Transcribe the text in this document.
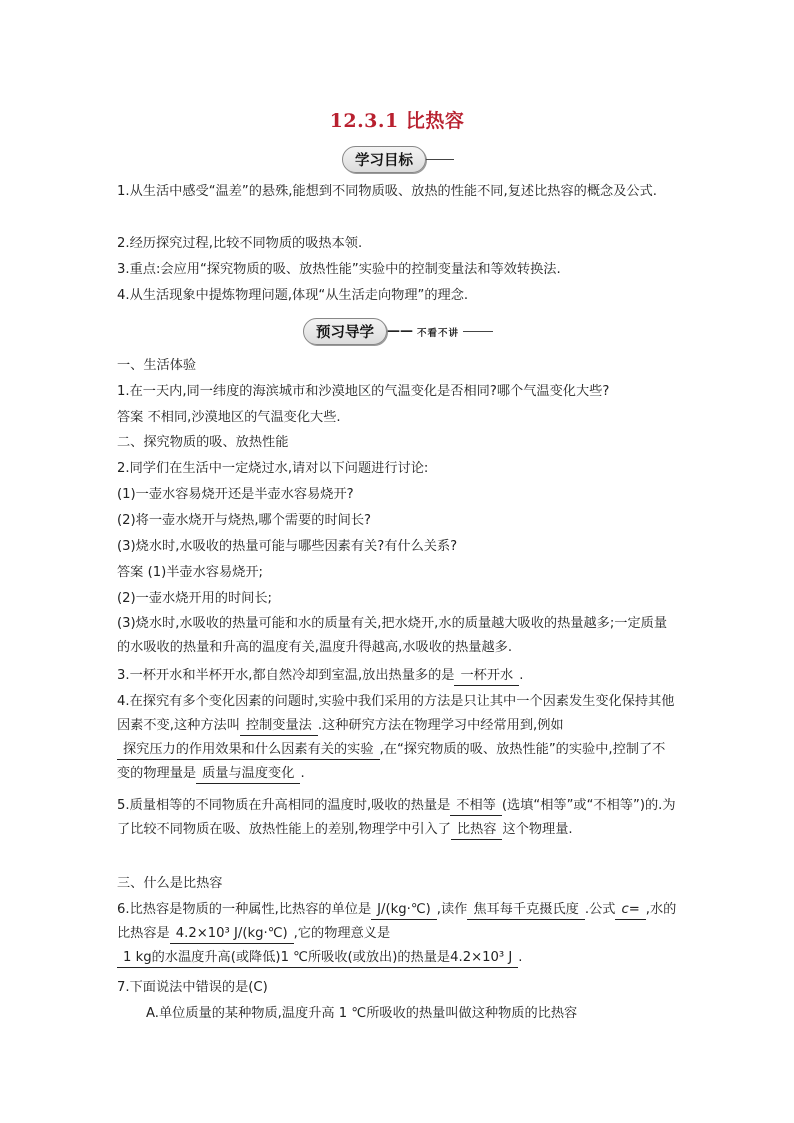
12.3.1 比热容
学习目标
1.从生活中感受“温差”的悬殊,能想到不同物质吸、放热的性能不同,复述比热容的概念及公式.
2.经历探究过程,比较不同物质的吸热本领.
3.重点:会应用“探究物质的吸、放热性能”实验中的控制变量法和等效转换法.
4.从生活现象中提炼物理问题,体现“从生活走向物理”的理念.
预习导学	—— 不看不讲
一、生活体验
1.在一天内,同一纬度的海滨城市和沙漠地区的气温变化是否相同?哪个气温变化大些?
答案 不相同,沙漠地区的气温变化大些.
二、探究物质的吸、放热性能
2.同学们在生活中一定烧过水,请对以下问题进行讨论:
(1)一壶水容易烧开还是半壶水容易烧开?
(2)将一壶水烧开与烧热,哪个需要的时间长?
(3)烧水时,水吸收的热量可能与哪些因素有关?有什么关系?
答案 (1)半壶水容易烧开;
(2)一壶水烧开用的时间长;
(3)烧水时,水吸收的热量可能和水的质量有关,把水烧开,水的质量越大吸收的热量越多;一定质量的水吸收的热量和升高的温度有关,温度升得越高,水吸收的热量越多.
3.一杯开水和半杯开水,都自然冷却到室温,放出热量多的是 一杯开水 .
4.在探究有多个变化因素的问题时,实验中我们采用的方法是只让其中一个因素发生变化保持其他因素不变,这种方法叫 控制变量法 .这种研究方法在物理学习中经常用到,例如探究压力的作用效果和什么因素有关的实验 ,在“探究物质的吸、放热性能”的实验中,控制了不变的物理量是 质量与温度变化 .
5.质量相等的不同物质在升高相同的温度时,吸收的热量是 不相等 (选填“相等”或“不相等”)的.为了比较不同物质在吸、放热性能上的差别,物理学中引入了 比热容 这个物理量.
三、什么是比热容
6.比热容是物质的一种属性,比热容的单位是 J/(kg·℃) ,读作 焦耳每千克摄氏度 .公式 c= ,水的比热容是 4.2×10³ J/(kg·℃) ,它的物理意义是1 kg的水温度升高(或降低)1 ℃所吸收(或放出)的热量是4.2×10³ J .
7.下面说法中错误的是(C)
A.单位质量的某种物质,温度升高 1 ℃所吸收的热量叫做这种物质的比热容
